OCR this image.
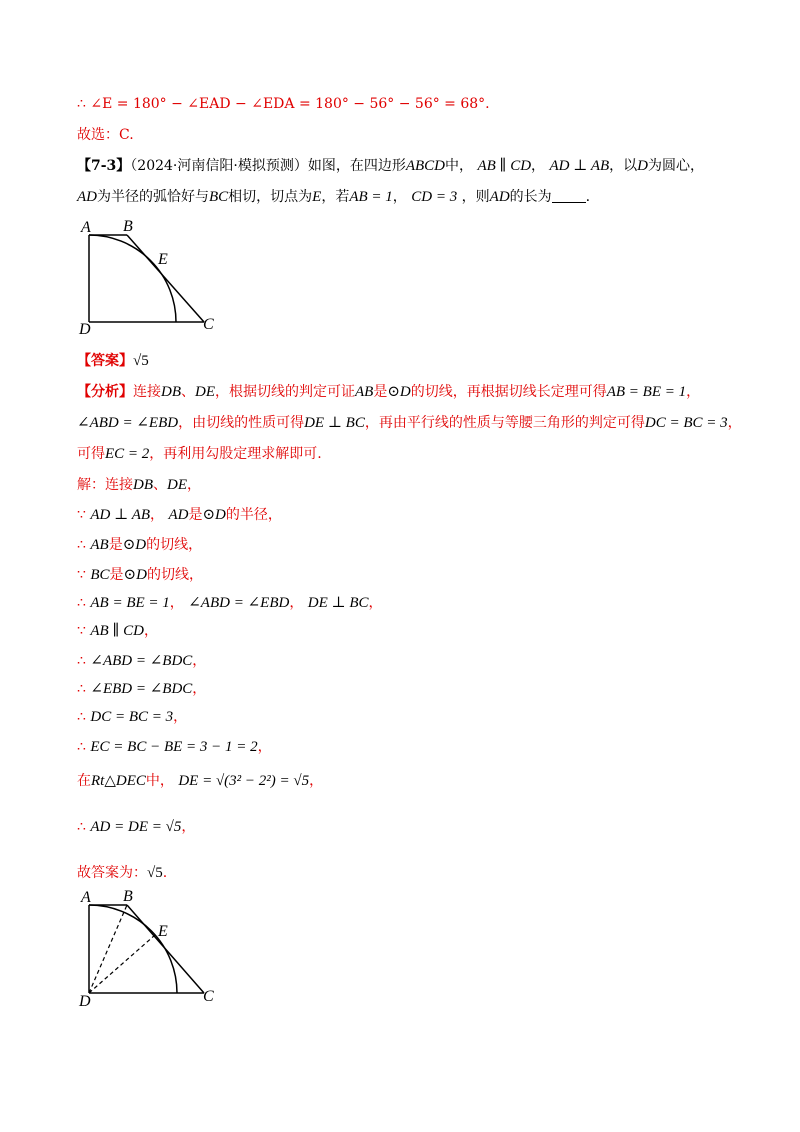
∴ ∠E = 180° − ∠EAD − ∠EDA = 180° − 56° − 56° = 68°.
故选：C.
【7-3】（2024·河南信阳·模拟预测）如图，在四边形ABCD中， AB ∥ CD， AD ⊥ AB，以D为圆心，
AD为半径的弧恰好与BC相切，切点为E，若AB = 1， CD = 3 ，则AD的长为 .
A B
E
D	C
【答案】√5
【分析】连接DB、DE，根据切线的判定可证AB是⊙D的切线，再根据切线长定理可得AB = BE = 1，
∠ABD = ∠EBD，由切线的性质可得DE ⊥ BC，再由平行线的性质与等腰三角形的判定可得DC = BC = 3，
可得EC = 2，再利用勾股定理求解即可.
解：连接DB、DE，
∵ AD ⊥ AB， AD是⊙D的半径，
∴ AB是⊙D的切线，
∵ BC是⊙D的切线，
∴ AB = BE = 1， ∠ABD = ∠EBD， DE ⊥ BC，
∵ AB ∥ CD，
∴ ∠ABD = ∠BDC，
∴ ∠EBD = ∠BDC，
∴ DC = BC = 3，
∴ EC = BC − BE = 3 − 1 = 2，
在Rt△DEC中， DE = √(3² − 2²) = √5，
∴ AD = DE = √5，
故答案为：√5.
A B
E
D	C
